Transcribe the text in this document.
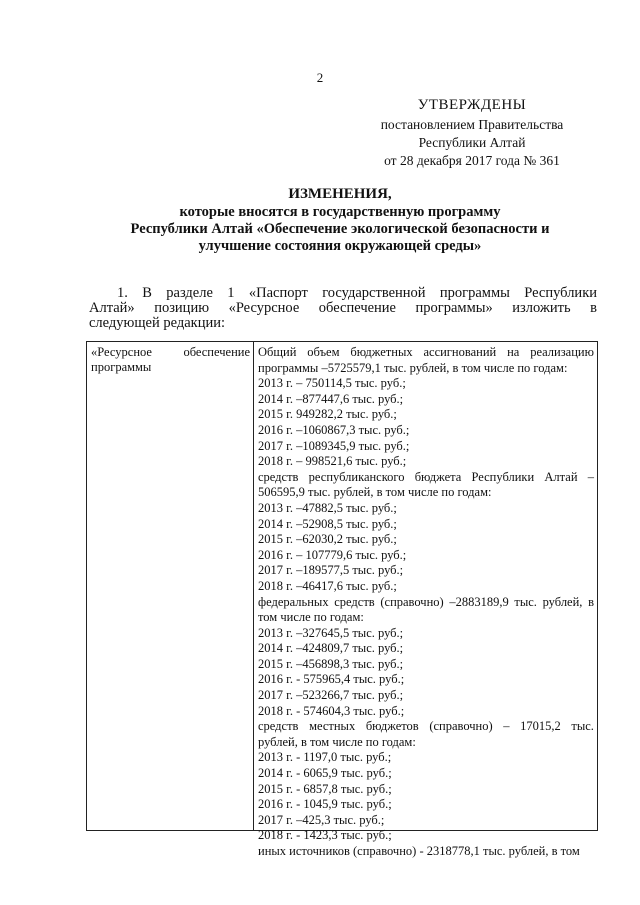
2
УТВЕРЖДЕНЫ
постановлением Правительства
Республики Алтай
от 28 декабря 2017 года № 361
ИЗМЕНЕНИЯ,
которые вносятся в государственную программу
Республики Алтай «Обеспечение экологической безопасности и
улучшение состояния окружающей среды»
1. В разделе 1 «Паспорт государственной программы Республики
Алтай» позицию «Ресурсное обеспечение программы» изложить в
следующей редакции:
«Ресурсное	обеспечение
программы
Общий объем бюджетных ассигнований на реализацию
программы –5725579,1 тыс. рублей, в том числе по годам:
2013 г. – 750114,5 тыс. руб.;
2014 г. –877447,6 тыс. руб.;
2015 г. 949282,2 тыс. руб.;
2016 г. –1060867,3 тыс. руб.;
2017 г. –1089345,9 тыс. руб.;
2018 г. – 998521,6 тыс. руб.;
средств республиканского бюджета Республики Алтай –
506595,9 тыс. рублей, в том числе по годам:
2013 г. –47882,5 тыс. руб.;
2014 г. –52908,5 тыс. руб.;
2015 г. –62030,2 тыс. руб.;
2016 г. – 107779,6 тыс. руб.;
2017 г. –189577,5 тыс. руб.;
2018 г. –46417,6 тыс. руб.;
федеральных средств (справочно) –2883189,9 тыс. рублей, в
том числе по годам:
2013 г. –327645,5 тыс. руб.;
2014 г. –424809,7 тыс. руб.;
2015 г. –456898,3 тыс. руб.;
2016 г. - 575965,4 тыс. руб.;
2017 г. –523266,7 тыс. руб.;
2018 г. - 574604,3 тыс. руб.;
средств местных бюджетов (справочно) – 17015,2 тыс.
рублей, в том числе по годам:
2013 г. - 1197,0 тыс. руб.;
2014 г. - 6065,9 тыс. руб.;
2015 г. - 6857,8 тыс. руб.;
2016 г. - 1045,9 тыс. руб.;
2017 г. –425,3 тыс. руб.;
2018 г. - 1423,3 тыс. руб.;
иных источников (справочно) - 2318778,1 тыс. рублей, в том
